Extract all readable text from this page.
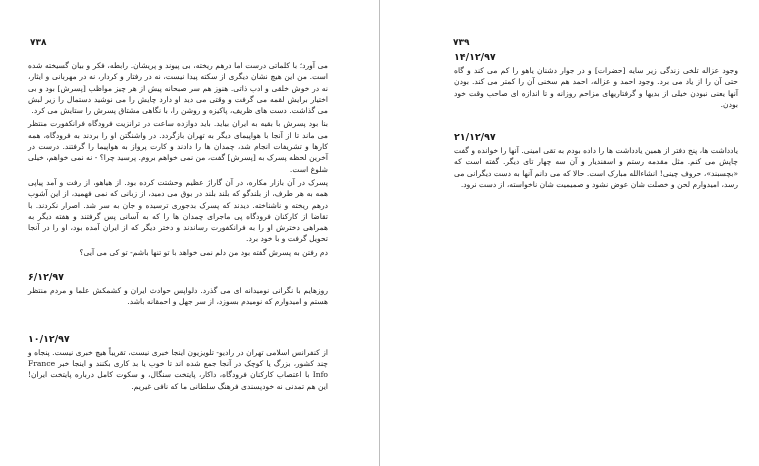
۷۳۸

می آورد؛ با کلماتی درست اما درهم ریخته، بی پیوند و پریشان. رابطه، فکر و بیان گسیخته شده است. من این هیچ نشان دیگری از سکته پیدا نیست، نه در رفتار و کردار، نه در مهربانی و ایثار، نه در خوش خلقی و ادب ذاتی. هنوز هم سر صبحانه پیش از هر چیز مواظب [پسرش] بود و بی اختیار برایش لقمه می گرفت و وقتی می دید او دارد چایش را می نوشید دستمال را زیر لبش می گذاشت. دست های ظریف، پاکیزه و روشن را، با نگاهی مشتاق پسرش را ستایش می کرد.

بنا بود پسرش با بقیه به ایران بیاید. باید دوازده ساعت در ترانزیت فرودگاه فرانکفورت منتظر می ماند تا از آنجا با هواپیمای دیگر به تهران بازگردد. در واشنگتن او را بردند به فرودگاه، همه کارها و تشریفات انجام شد، چمدان ها را دادند و کارت پرواز به هواپیما را گرفتند. درست در آخرین لحظه پسرک به [پسرش] گفت، من نمی خواهم بروم. پرسید چرا؟ - نه نمی خواهم، خیلی شلوغ است.

پسرک در آن بازار مکاره، در آن گاراژ عظیم وحشتت کرده بود. از هیاهو، از رفت و آمد پیاپی همه به هر طرف، از بلندگو که بلند بلند در بوق می دمید، از زبانی که نمی فهمید، از این آشوب درهم ریخته و ناشناخته. دیدند که پسرک بدجوری ترسیده و جان به سر شد. اصرار نکردند. با تقاضا از کارکنان فرودگاه پی ماجرای چمدان ها را که به آسانی پس گرفتند و هفته دیگر به همراهی دخترش او را به فرانکفورت رساندند و دختر دیگر که از ایران آمده بود، او را در آنجا تحویل گرفت و با خود برد.

دم رفتن به پسرش گفته بود من دلم نمی خواهد با تو تنها باشم- تو کی می آیی؟

۶/۱۲/۹۷

روزهایم با نگرانی نومیدانه ای می گذرد. دلواپس حوادث ایران و کشمکش علما و مردم منتظر هستم و امیدوارم که نومیدم بسوزد، از سر جهل و احمقانه باشد.

۱۰/۱۲/۹۷

از کنفرانس اسلامی تهران در رادیو- تلویزیون اینجا خبری نیست، تقریباً هیچ خبری نیست. پنجاه و چند کشور، بزرگ یا کوچک در آنجا جمع شده اند تا خوب یا بد کاری بکنند و اینجا خبر France Info با اعتصاب کارکنان فرودگاه، داکار، پایتخت سنگال، و سکوت کامل درباره پایتخت ایران! این هم تمدنی نه خودپسندی فرهنگ سلطانی ما که نافی غیریم.

۷۳۹
۱۴/۱۲/۹۷

وجود عزاله تلخی زندگی زیر سایه [حضرات] و در جوار دشنان یاهو را کم می کند و گاه حتی آن را از یاد می برد. وجود احمد و عزاله، احمد هم سخنی آن را کمتر می کند. بودن آنها یعنی نبودن خیلی از بدیها و گرفتاریهای مزاحم روزانه و تا اندازه ای صاحب وقت خود بودن.

۲۱/۱۲/۹۷

یادداشت ها، پنج دفتر از همین یادداشت ها را داده بودم به تقی امینی. آنها را خوانده و گفت چاپش می کنم. مثل مقدمه رستم و اسفندیار و آن سه چهار تای دیگر. گفته است که «بچسبند»، حروف چینی! انشاءالله مبارک است. حالا که می دانم آنها به دست دیگرانی می رسد، امیدوارم لحن و خصلت شان عوض نشود و صمیمیت شان ناخواسته، از دست نرود.
